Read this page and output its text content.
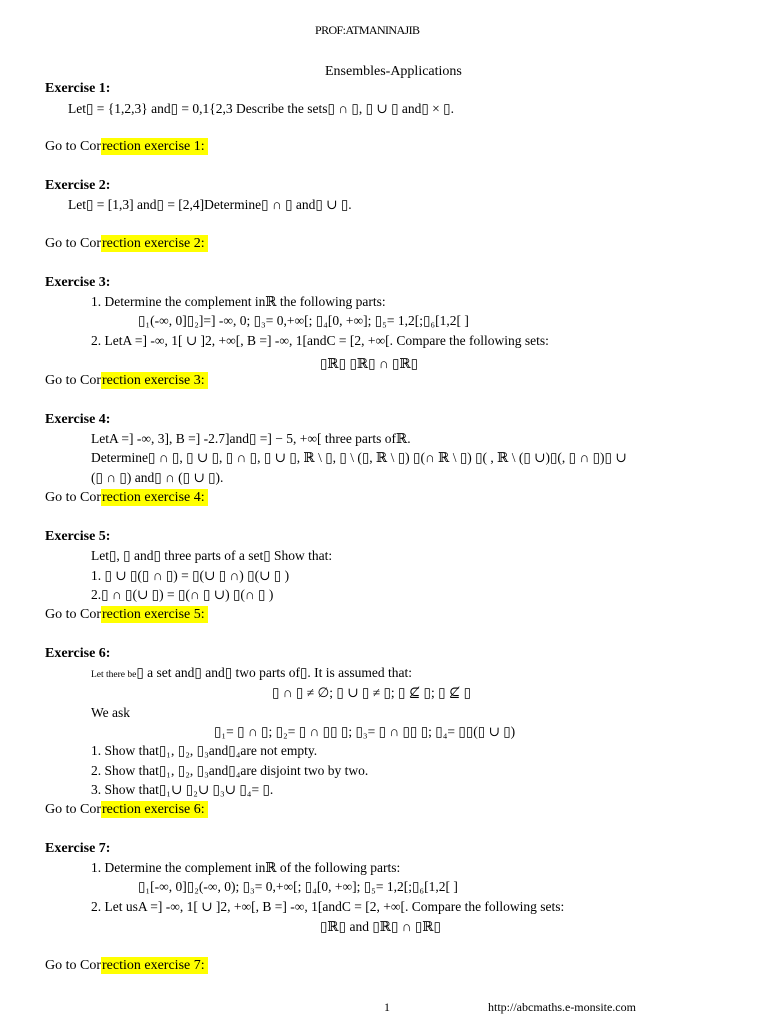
PROF:ATMANINAJIB
Ensembles-Applications
Exercise 1:
Let▯ = {1,2,3} and▯ = 0,1{2,3 Describe the sets▯ ∩ ▯, ▯ ∪ ▯ and▯ × ▯.
Go to Correction exercise 1:
Exercise 2:
Let▯ = [1,3] and▯ = [2,4]Determine▯ ∩ ▯ and▯ ∪ ▯.
Go to Correction exercise 2:
Exercise 3:
1. Determine the complement inℝ the following parts:
▯₁(-∞, 0]▯₂]=] -∞, 0; ▯₃= 0,+∞[; ▯₄[0, +∞]; ▯₅= 1,2[;▯₆[1,2[ ]
2. LetA =] -∞, 1[ ∪ ]2, +∞[, B =] -∞, 1[andC = [2, +∞[. Compare the following sets:
▯ℝ▯ ▯ℝ▯ ∩ ▯ℝ▯
Go to Correction exercise 3:
Exercise 4:
LetA =] -∞, 3], B =] -2.7]and▯ =] − 5, +∞[ three parts ofℝ.
Determine▯ ∩ ▯, ▯ ∪ ▯, ▯ ∩ ▯, ▯ ∪ ▯, ℝ \ ▯, ▯ \ (▯, ℝ \ ▯) ▯(∩ ℝ \ ▯) ▯( , ℝ \ (▯ ∪)▯(, ▯ ∩ ▯)▯ ∪
(▯ ∩ ▯) and▯ ∩ (▯ ∪ ▯).
Go to Correction exercise 4:
Exercise 5:
Let▯, ▯ and▯ three parts of a set▯ Show that:
1. ▯ ∪ ▯(▯ ∩ ▯) = ▯(∪ ▯ ∩) ▯(∪ ▯ )
2.▯ ∩ ▯(∪ ▯) = ▯(∩ ▯ ∪) ▯(∩ ▯ )
Go to Correction exercise 5:
Exercise 6:
Let there be▯ a set and▯ and▯ two parts of▯. It is assumed that:
▯ ∩ ▯ ≠ ∅; ▯ ∪ ▯ ≠ ▯; ▯ ⊈ ▯; ▯ ⊈ ▯
We ask
▯₁= ▯ ∩ ▯; ▯₂= ▯ ∩ ▯▯ ▯; ▯₃= ▯ ∩ ▯▯ ▯; ▯₄= ▯▯(▯ ∪ ▯)
1. Show that▯₁, ▯₂, ▯₃and▯₄are not empty.
2. Show that▯₁, ▯₂, ▯₃and▯₄are disjoint two by two.
3. Show that▯₁∪ ▯₂∪ ▯₃∪ ▯₄= ▯.
Go to Correction exercise 6:
Exercise 7:
1. Determine the complement inℝ of the following parts:
▯₁[-∞, 0]▯₂(-∞, 0); ▯₃= 0,+∞[; ▯₄[0, +∞]; ▯₅= 1,2[;▯₆[1,2[ ]
2. Let usA =] -∞, 1[ ∪ ]2, +∞[, B =] -∞, 1[andC = [2, +∞[. Compare the following sets:
▯ℝ▯ and ▯ℝ▯ ∩ ▯ℝ▯
Go to Correction exercise 7:
1	http://abcmaths.e-monsite.com
